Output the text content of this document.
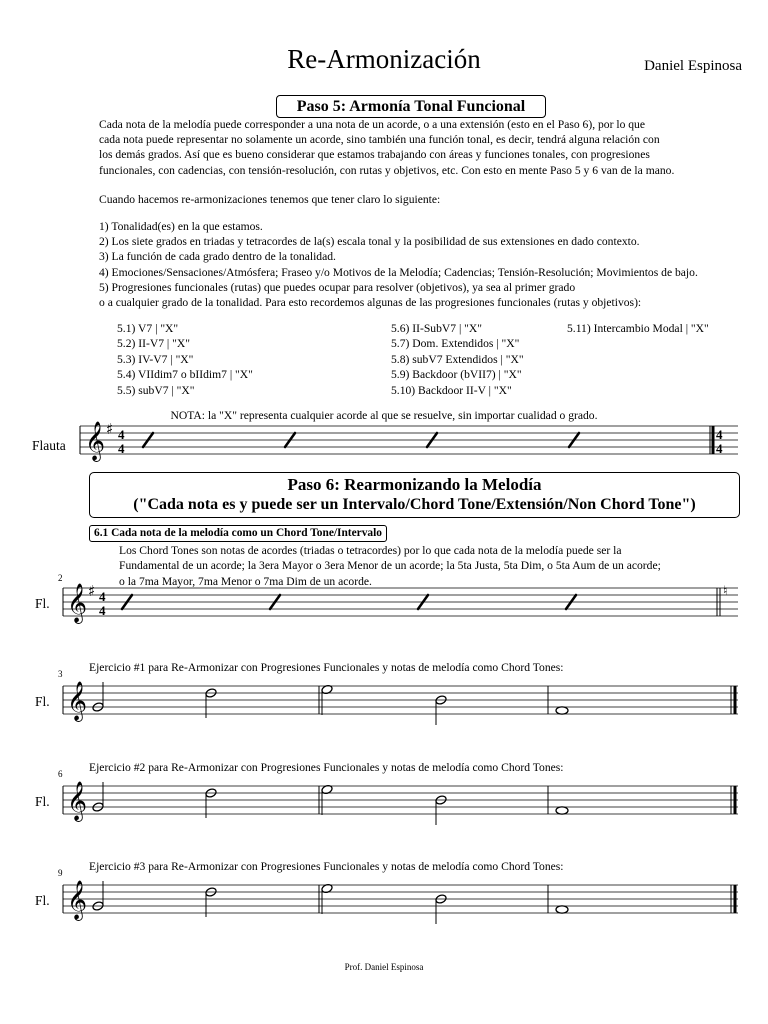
Re-Armonización	Daniel Espinosa
Paso 5: Armonía Tonal Funcional

Cada nota de la melodía puede corresponder a una nota de un acorde, o a una extensión (esto en el Paso 6), por lo que

cada nota puede representar no solamente un acorde, sino también una función tonal, es decir, tendrá alguna relación con

los demás grados. Así que es bueno considerar que estamos trabajando con áreas y funciones tonales, con progresiones

funcionales, con cadencias, con tensión-resolución, con rutas y objetivos, etc. Con esto en mente Paso 5 y 6 van de la mano.

Cuando hacemos re-armonizaciones tenemos que tener claro lo siguiente:

1) Tonalidad(es) en la que estamos.

2) Los siete grados en triadas y tetracordes de la(s) escala tonal y la posibilidad de sus extensiones en dado contexto.

3) La función de cada grado dentro de la tonalidad.

4) Emociones/Sensaciones/Atmósfera; Fraseo y/o Motivos de la Melodía; Cadencias; Tensión-Resolución; Movimientos de bajo.

5) Progresiones funcionales (rutas) que puedes ocupar para resolver (objetivos), ya sea al primer grado

o a cualquier grado de la tonalidad. Para esto recordemos algunas de las progresiones funcionales (rutas y objetivos):

5.1) V7 | "X"
5.2) II-V7 | "X"
5.3) IV-V7 | "X"
5.4) VIIdim7 o bIIdim7 | "X"
5.5) subV7 | "X"
5.6) II-SubV7 | "X"
5.7) Dom. Extendidos | "X"
5.8) subV7 Extendidos | "X"
5.9) Backdoor (bVII7) | "X"
5.10) Backdoor II-V | "X"
5.11) Intercambio Modal | "X"
NOTA: la "X" representa cualquier acorde al que se resuelve, sin importar cualidad o grado.
Flauta 𝄞 ♯ 4
4
4
4
Paso 6: Rearmonizando la Melodía
("Cada nota es y puede ser un Intervalo/Chord Tone/Extensión/Non Chord Tone")
6.1 Cada nota de la melodía como un Chord Tone/Intervalo

Los Chord Tones son notas de acordes (triadas o tetracordes) por lo que cada nota de la melodía puede ser la

Fundamental de un acorde; la 3era Mayor o 3era Menor de un acorde; la 5ta Justa, 5ta Dim, o 5ta Aum de un acorde;

o la 7ma Mayor, 7ma Menor o 7ma Dim de un acorde.

2
Fl. 𝄞 ♯ 4
4
♮
3 Ejercicio #1 para Re-Armonizar con Progresiones Funcionales y notas de melodía como Chord Tones:
Fl. 𝄞
6 Ejercicio #2 para Re-Armonizar con Progresiones Funcionales y notas de melodía como Chord Tones:
Fl. 𝄞
9 Ejercicio #3 para Re-Armonizar con Progresiones Funcionales y notas de melodía como Chord Tones:
Fl. 𝄞
Prof. Daniel Espinosa
